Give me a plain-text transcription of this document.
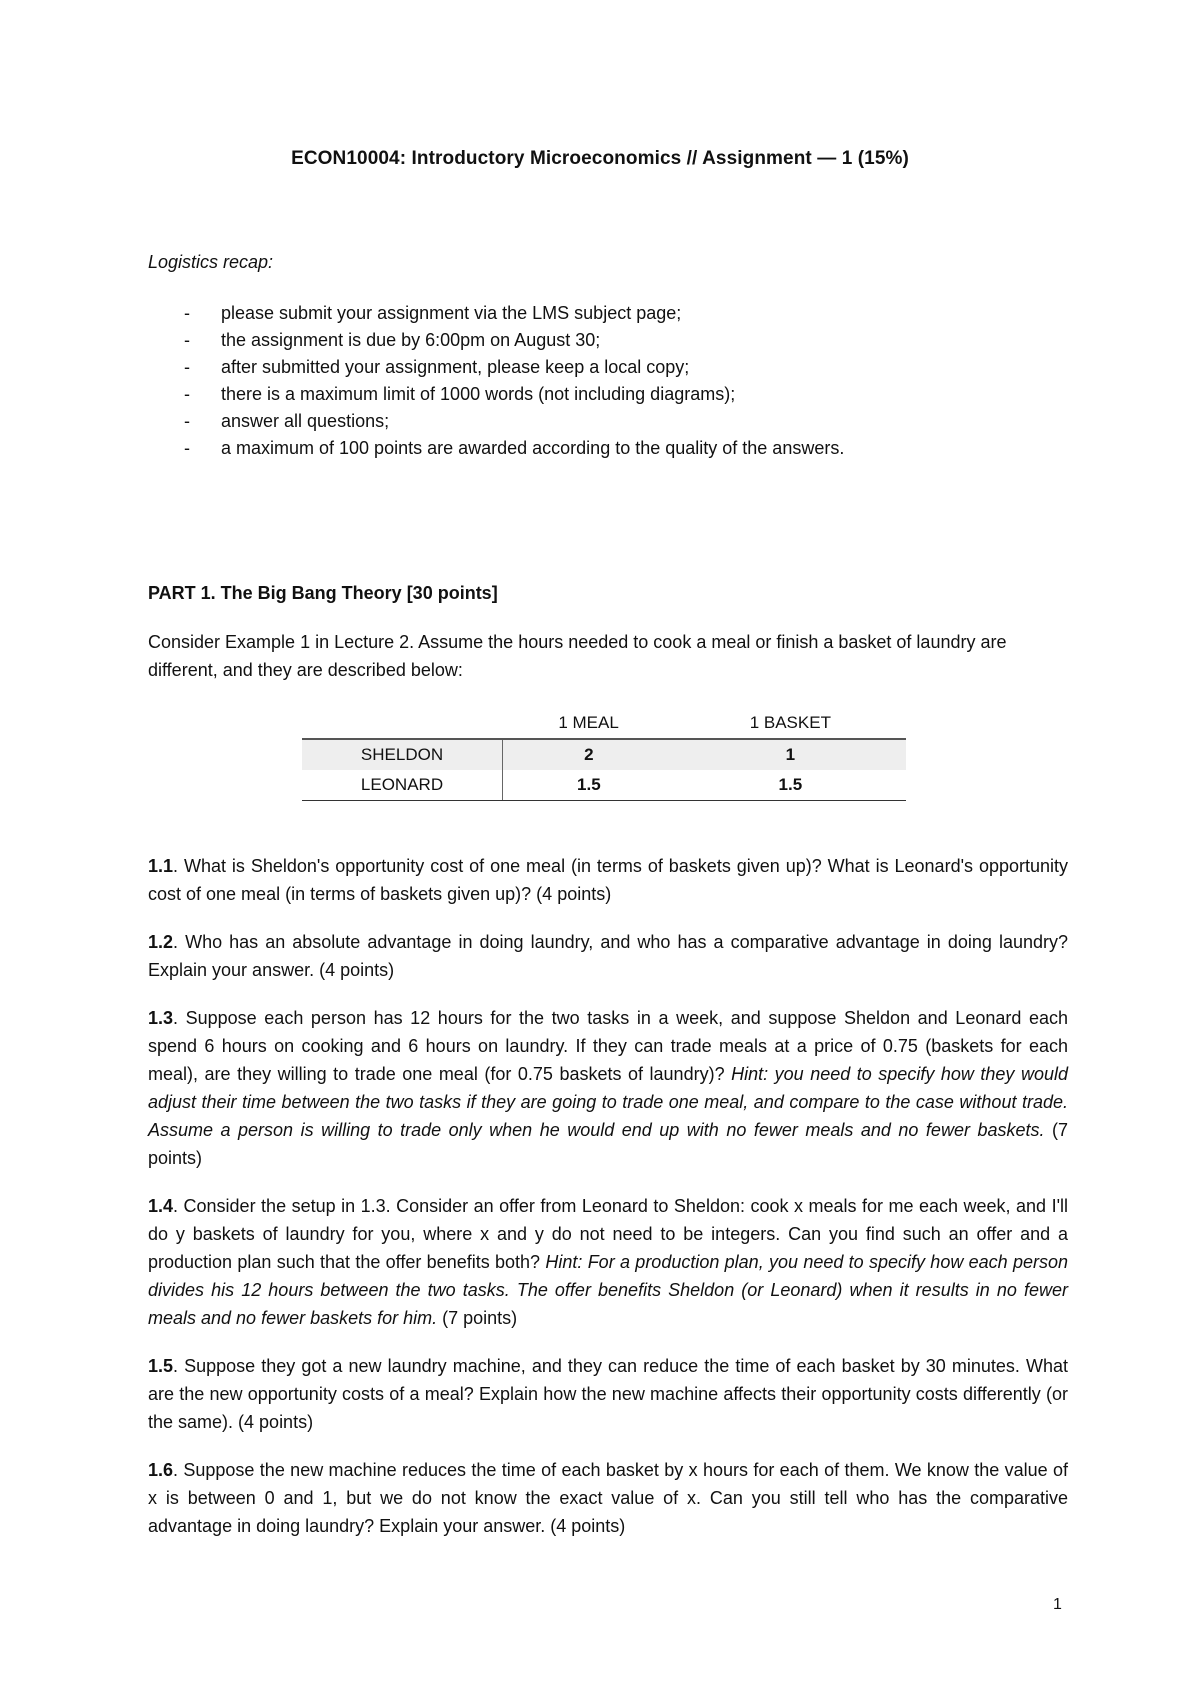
ECON10004: Introductory Microeconomics // Assignment — 1 (15%)
Logistics recap:
- please submit your assignment via the LMS subject page;
- the assignment is due by 6:00pm on August 30;
- after submitted your assignment, please keep a local copy;
- there is a maximum limit of 1000 words (not including diagrams);
- answer all questions;
- a maximum of 100 points are awarded according to the quality of the answers.
PART 1. The Big Bang Theory [30 points]

Consider Example 1 in Lecture 2. Assume the hours needed to cook a meal or finish a basket of laundry are different, and they are described below:

	1 MEAL	1 BASKET
SHELDON	2	1
LEONARD	1.5	1.5

1.1. What is Sheldon's opportunity cost of one meal (in terms of baskets given up)? What is Leonard's opportunity cost of one meal (in terms of baskets given up)? (4 points)

1.2. Who has an absolute advantage in doing laundry, and who has a comparative advantage in doing laundry? Explain your answer. (4 points)

1.3. Suppose each person has 12 hours for the two tasks in a week, and suppose Sheldon and Leonard each spend 6 hours on cooking and 6 hours on laundry. If they can trade meals at a price of 0.75 (baskets for each meal), are they willing to trade one meal (for 0.75 baskets of laundry)? Hint: you need to specify how they would adjust their time between the two tasks if they are going to trade one meal, and compare to the case without trade. Assume a person is willing to trade only when he would end up with no fewer meals and no fewer baskets. (7 points)

1.4. Consider the setup in 1.3. Consider an offer from Leonard to Sheldon: cook x meals for me each week, and I'll do y baskets of laundry for you, where x and y do not need to be integers. Can you find such an offer and a production plan such that the offer benefits both? Hint: For a production plan, you need to specify how each person divides his 12 hours between the two tasks. The offer benefits Sheldon (or Leonard) when it results in no fewer meals and no fewer baskets for him. (7 points)

1.5. Suppose they got a new laundry machine, and they can reduce the time of each basket by 30 minutes. What are the new opportunity costs of a meal? Explain how the new machine affects their opportunity costs differently (or the same). (4 points)

1.6. Suppose the new machine reduces the time of each basket by x hours for each of them. We know the value of x is between 0 and 1, but we do not know the exact value of x. Can you still tell who has the comparative advantage in doing laundry? Explain your answer. (4 points)

1
